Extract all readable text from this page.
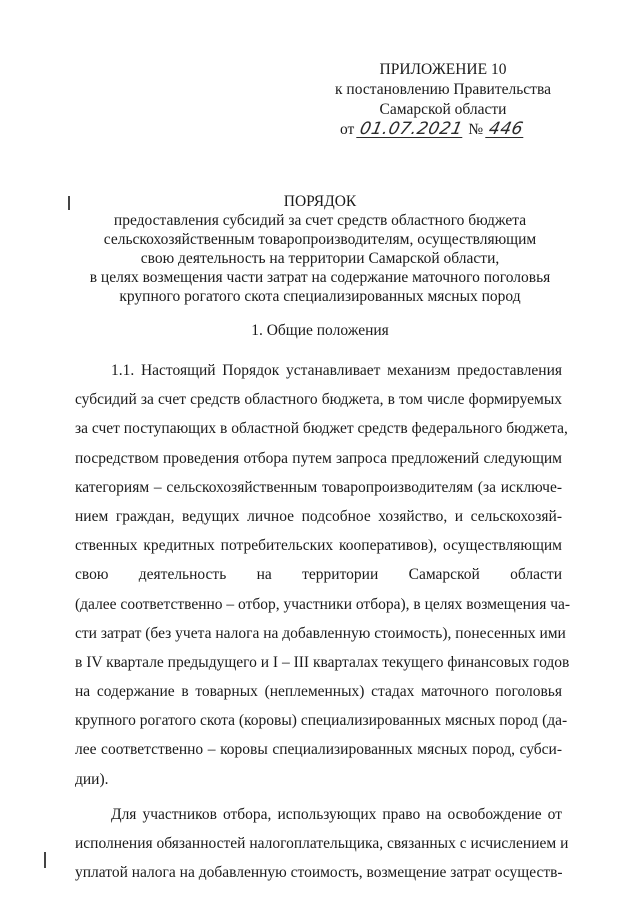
ПРИЛОЖЕНИЕ 10
к постановлению Правительства
Самарской области
от 01.07.2021 № 446
ПОРЯДОК
предоставления субсидий за счет средств областного бюджета
сельскохозяйственным товаропроизводителям, осуществляющим
свою деятельность на территории Самарской области,
в целях возмещения части затрат на содержание маточного поголовья
крупного рогатого скота специализированных мясных пород
1. Общие положения
1.1. Настоящий Порядок устанавливает механизм предоставления
субсидий за счет средств областного бюджета, в том числе формируемых
за счет поступающих в областной бюджет средств федерального бюджета,
посредством проведения отбора путем запроса предложений следующим
категориям – сельскохозяйственным товаропроизводителям (за исключе-
нием граждан, ведущих личное подсобное хозяйство, и сельскохозяй-
ственных кредитных потребительских кооперативов), осуществляющим
свою деятельность на территории Самарской области
(далее соответственно – отбор, участники отбора), в целях возмещения ча-
сти затрат (без учета налога на добавленную стоимость), понесенных ими
в IV квартале предыдущего и I – III кварталах текущего финансовых годов
на содержание в товарных (неплеменных) стадах маточного поголовья
крупного рогатого скота (коровы) специализированных мясных пород (да-
лее соответственно – коровы специализированных мясных пород, субси-
дии).
Для участников отбора, использующих право на освобождение от
исполнения обязанностей налогоплательщика, связанных с исчислением и
уплатой налога на добавленную стоимость, возмещение затрат осуществ-
